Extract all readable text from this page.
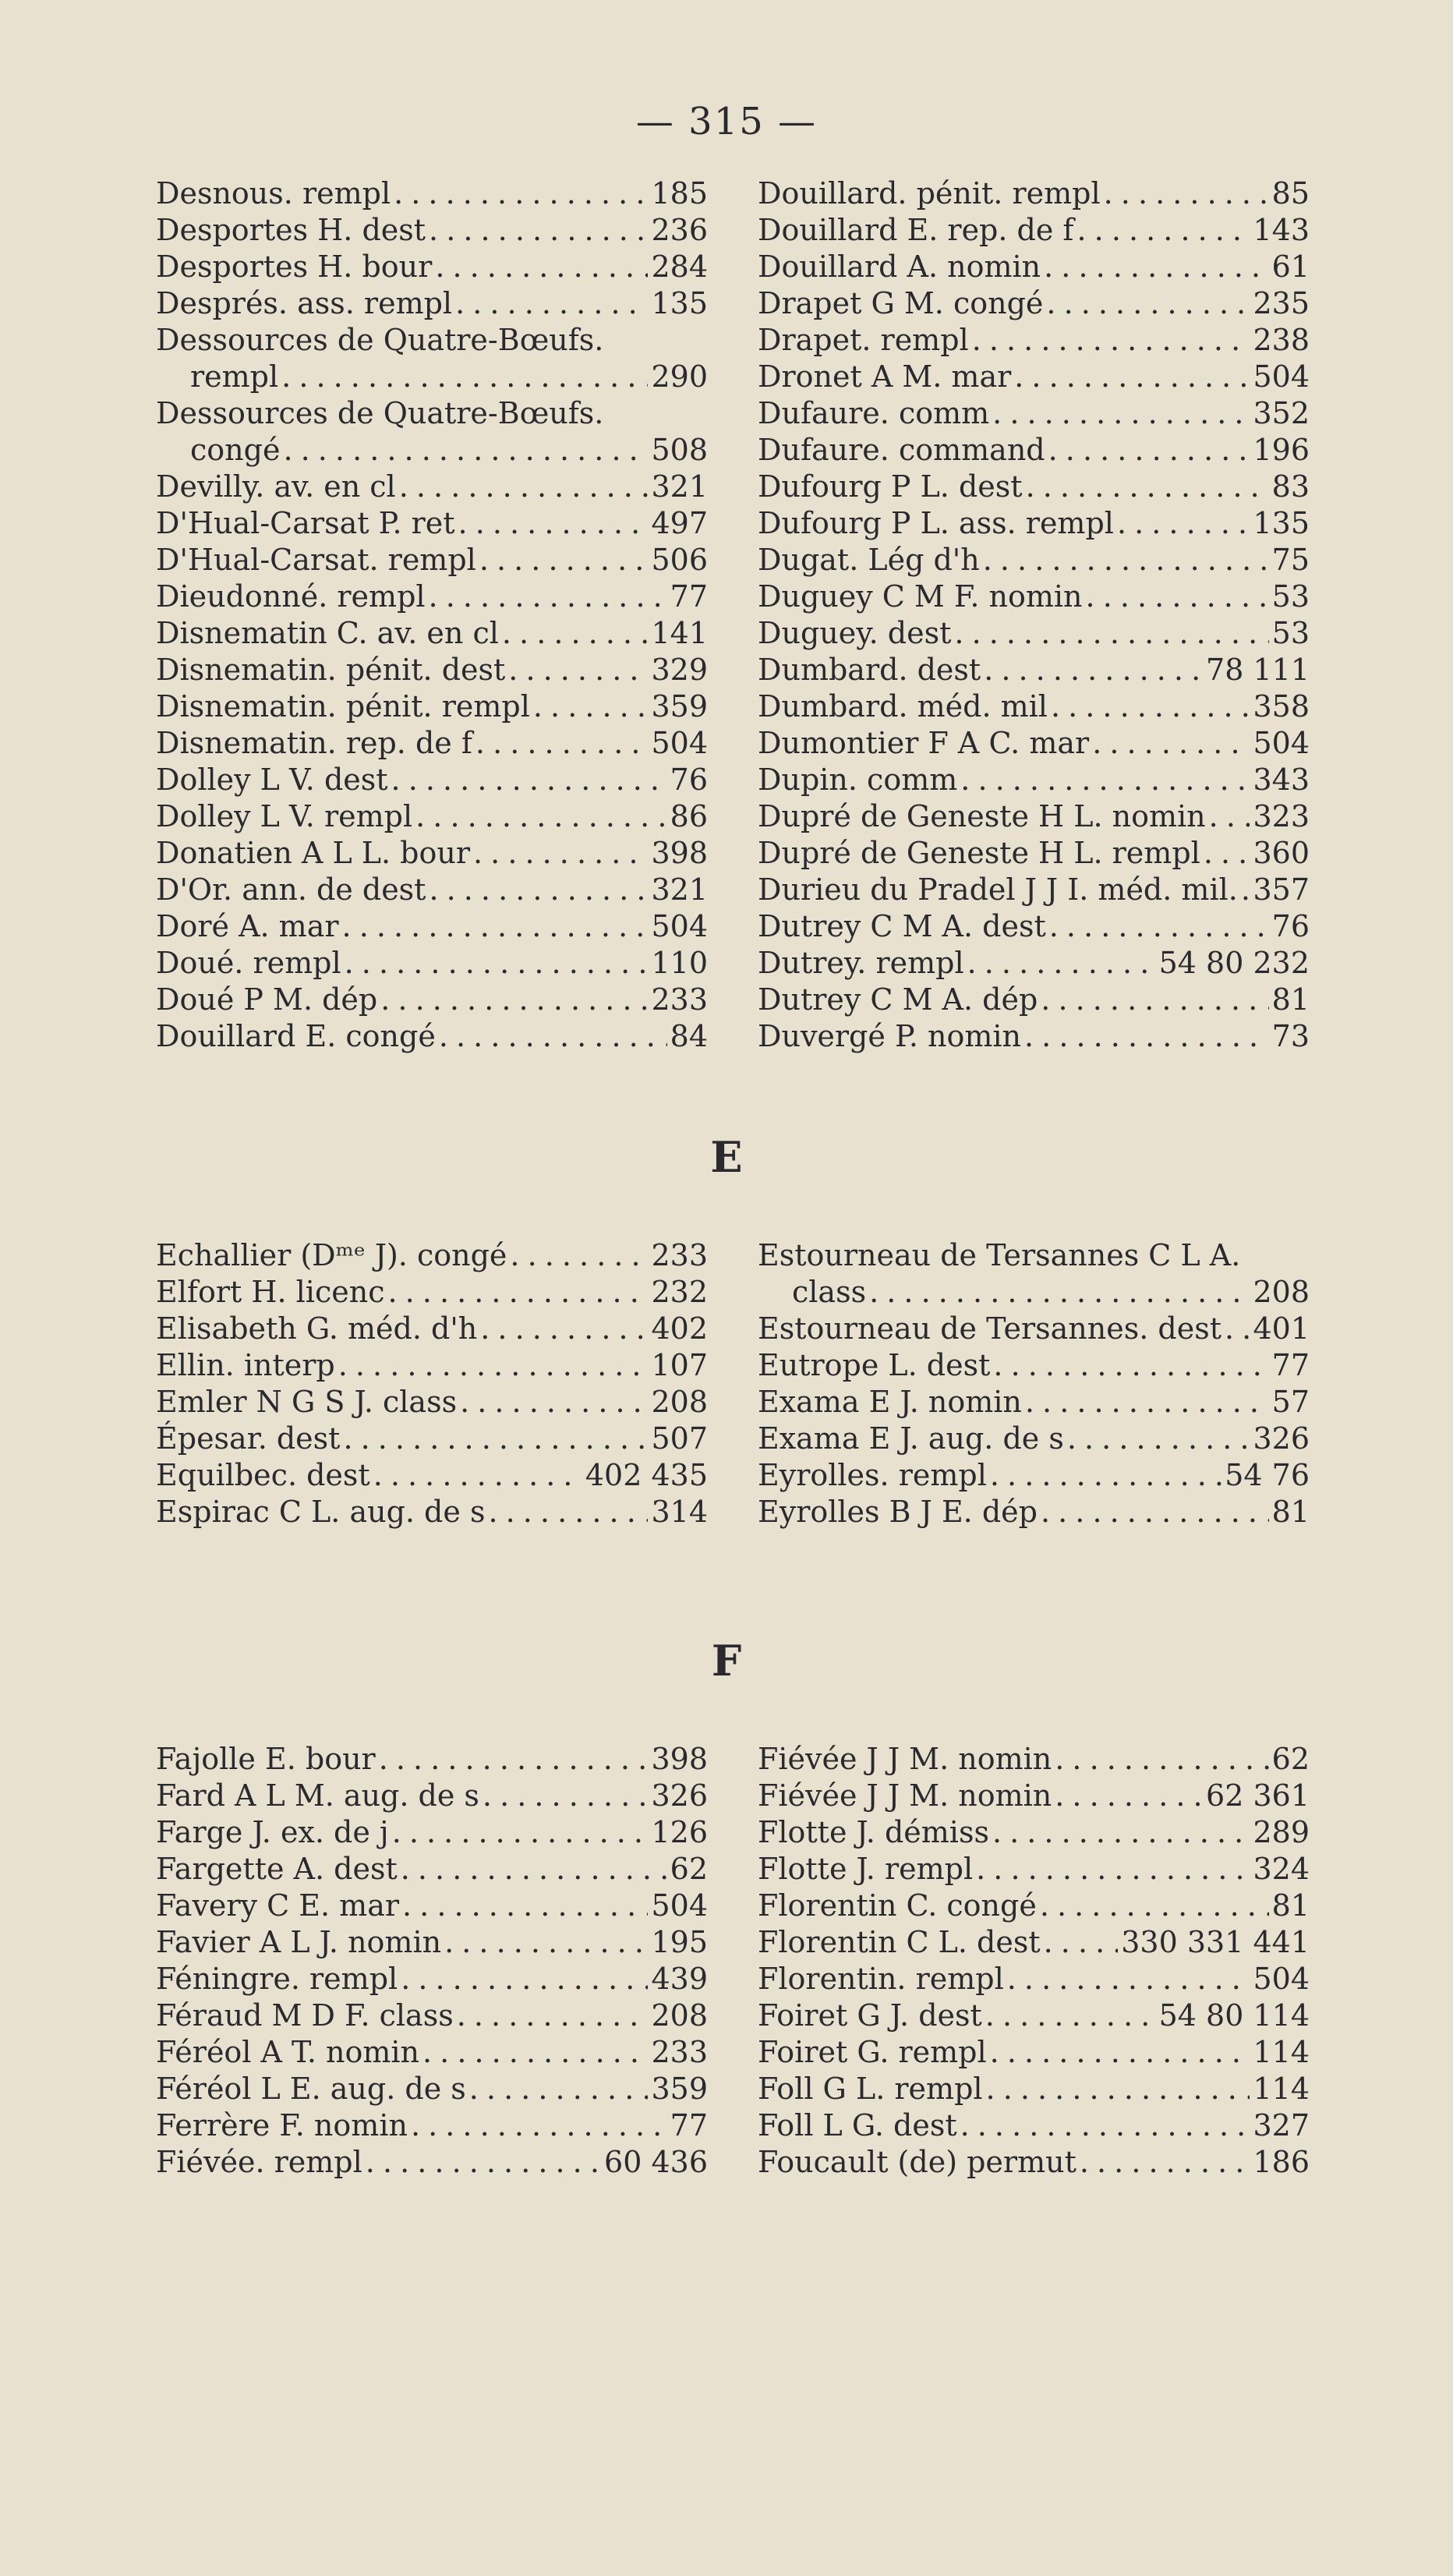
— 315 —
Desnous. rempl . . .	185
Desportes H. dest . . .	236
Desportes H. bour . . .	284
Després. ass. rempl . . .	135
Dessources de Quatre-Bœufs.
rempl . . .	290
Dessources de Quatre-Bœufs.
congé . . .	508
Devilly. av. en cl . . .	321
D'Hual-Carsat P. ret . . .	497
D'Hual-Carsat. rempl . . .	506
Dieudonné. rempl . . .	77
Disnematin C. av. en cl . . .	141
Disnematin. pénit. dest . . .	329
Disnematin. pénit. rempl . . .	359
Disnematin. rep. de f . . .	504
Dolley L V. dest . . .	76
Dolley L V. rempl . . .	86
Donatien A L L. bour . . .	398
D'Or. ann. de dest . . .	321
Doré A. mar . . .	504
Doué. rempl . . .	110
Doué P M. dép . . .	233
Douillard E. congé . . .	84
Douillard. pénit. rempl . . .	85
Douillard E. rep. de f . . .	143
Douillard A. nomin . . .	61
Drapet G M. congé . . .	235
Drapet. rempl . . .	238
Dronet A M. mar . . .	504
Dufaure. comm . . .	352
Dufaure. command . . .	196
Dufourg P L. dest . . .	83
Dufourg P L. ass. rempl . . .	135
Dugat. Lég d'h . . .	75
Duguey C M F. nomin . . .	53
Duguey. dest . . .	53
Dumbard. dest . . .	78 111
Dumbard. méd. mil . . .	358
Dumontier F A C. mar . . .	504
Dupin. comm . . .	343
Dupré de Geneste H L. nomin . . . 323
Dupré de Geneste H L. rempl . . . 360
Durieu du Pradel J J I. méd. mil. . . . 357
Dutrey C M A. dest . . .	76
Dutrey. rempl . . .	54 80 232
Dutrey C M A. dép . . .	81
Duvergé P. nomin . . .	73
E
Echallier (Dᵐᵉ J). congé . . .	233
Elfort H. licenc . . .	232
Elisabeth G. méd. d'h . . .	402
Ellin. interp . . .	107
Emler N G S J. class . . .	208
Épesar. dest . . .	507
Equilbec. dest . . .	402 435
Espirac C L. aug. de s . . .	314
Estourneau de Tersannes C L A.
class . . .	208
Estourneau de Tersannes. dest . . . 401
Eutrope L. dest . . .	77
Exama E J. nomin . . .	57
Exama E J. aug. de s . . .	326
Eyrolles. rempl . . .	54 76
Eyrolles B J E. dép . . .	81
F
Fajolle E. bour . . .	398
Fard A L M. aug. de s . . .	326
Farge J. ex. de j . . .	126
Fargette A. dest . . .	62
Favery C E. mar . . .	504
Favier A L J. nomin . . .	195
Féningre. rempl . . .	439
Féraud M D F. class . . .	208
Féréol A T. nomin . . .	233
Féréol L E. aug. de s . . .	359
Ferrère F. nomin . . .	77
Fiévée. rempl . . .	60 436
Fiévée J J M. nomin . . .	62
Fiévée J J M. nomin . . .	62 361
Flotte J. démiss . . .	289
Flotte J. rempl . . .	324
Florentin C. congé . . .	81
Florentin C L. dest . . .	330 331 441
Florentin. rempl . . .	504
Foiret G J. dest . . .	54 80 114
Foiret G. rempl . . .	114
Foll G L. rempl . . .	114
Foll L G. dest . . .	327
Foucault (de) permut . . .	186
